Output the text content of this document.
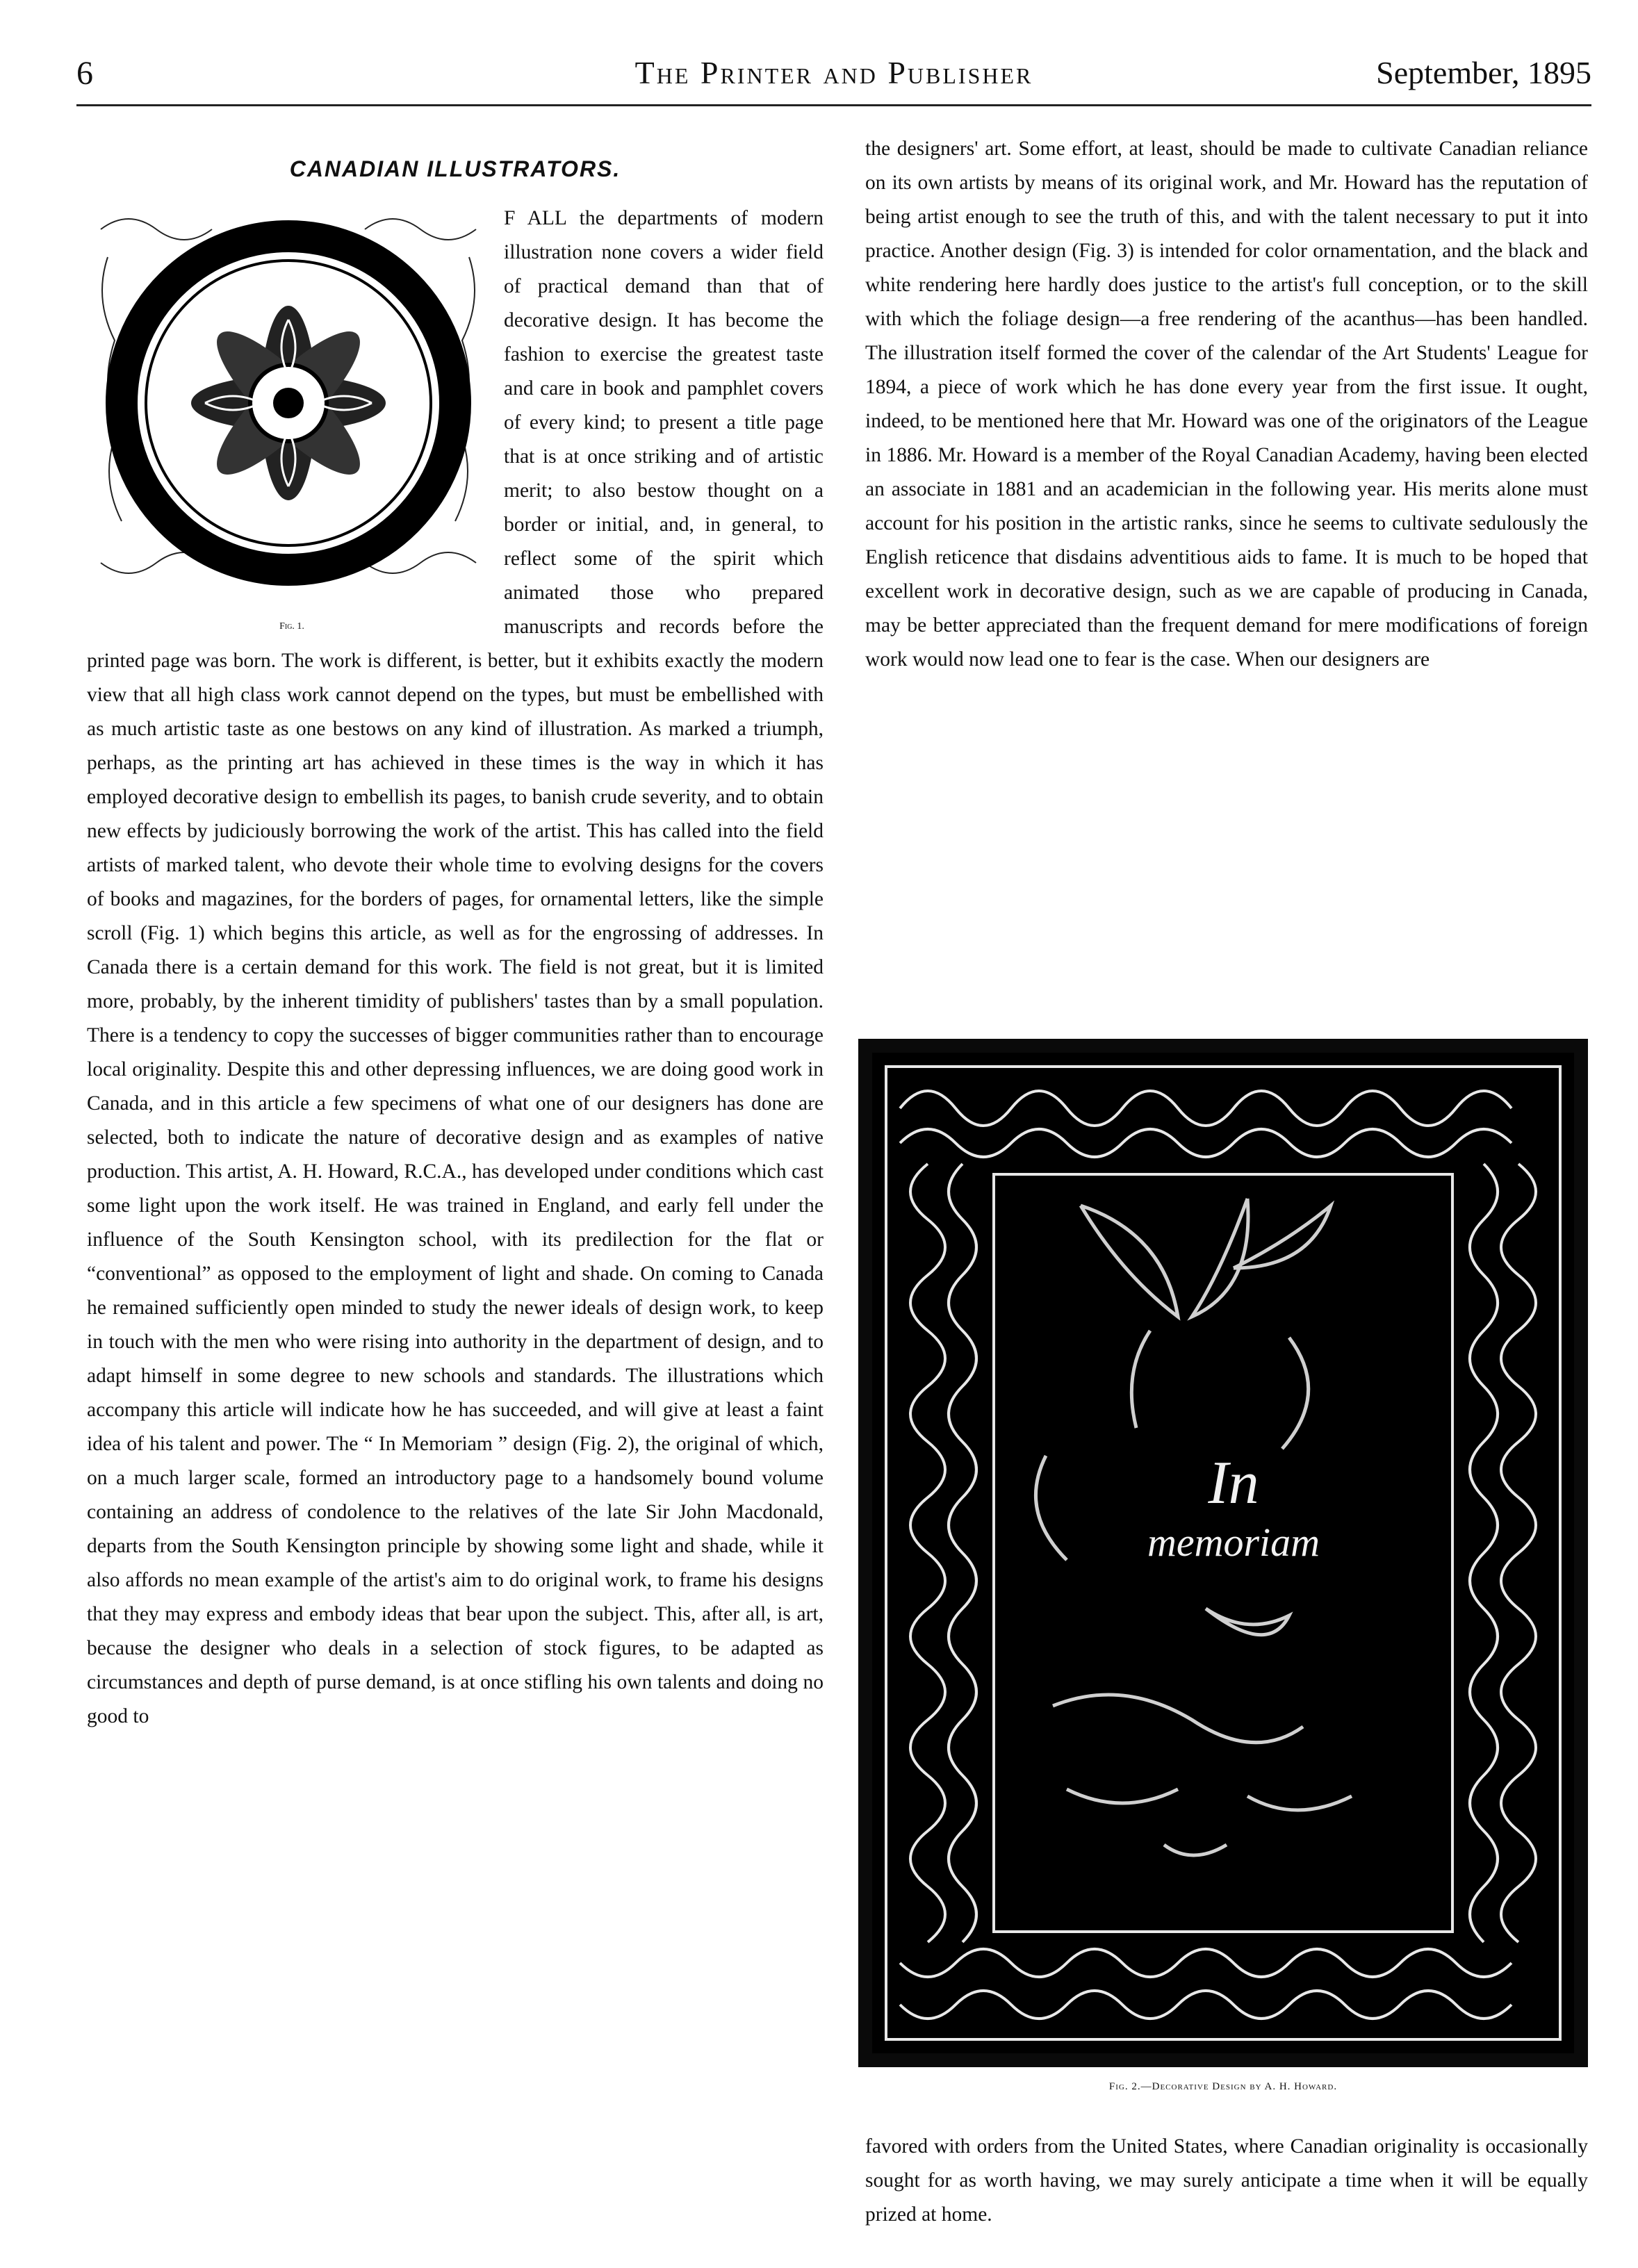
6	The Printer and Publisher	September, 1895
CANADIAN ILLUSTRATORS.
Fig. 1.

F ALL the departments of modern illustration none covers a wider field of practical demand than that of decorative design. It has become the fashion to exercise the greatest taste and care in book and pamphlet covers of every kind; to present a title page that is at once striking and of artistic merit; to also bestow thought on a border or initial, and, in general, to reflect some of the spirit which animated those who prepared manuscripts and records before the printed page was born. The work is different, is better, but it exhibits exactly the modern view that all high class work cannot depend on the types, but must be embellished with as much artistic taste as one bestows on any kind of illustration. As marked a triumph, perhaps, as the printing art has achieved in these times is the way in which it has employed decorative design to embellish its pages, to banish crude severity, and to obtain new effects by judiciously borrowing the work of the artist. This has called into the field artists of marked talent, who devote their whole time to evolving designs for the covers of books and magazines, for the borders of pages, for ornamental letters, like the simple scroll (Fig. 1) which begins this article, as well as for the engrossing of addresses. In Canada there is a certain demand for this work. The field is not great, but it is limited more, probably, by the inherent timidity of publishers' tastes than by a small population. There is a tendency to copy the successes of bigger communities rather than to encourage local originality. Despite this and other depressing influences, we are doing good work in Canada, and in this article a few specimens of what one of our designers has done are selected, both to indicate the nature of decorative design and as examples of native production. This artist, A. H. Howard, R.C.A., has developed under conditions which cast some light upon the work itself. He was trained in England, and early fell under the influence of the South Kensington school, with its predilection for the flat or “conventional” as opposed to the employment of light and shade. On coming to Canada he remained sufficiently open minded to study the newer ideals of design work, to keep in touch with the men who were rising into authority in the department of design, and to adapt himself in some degree to new schools and standards. The illustrations which accompany this article will indicate how he has succeeded, and will give at least a faint idea of his talent and power. The “ In Memoriam ” design (Fig. 2), the original of which, on a much larger scale, formed an introductory page to a handsomely bound volume containing an address of condolence to the relatives of the late Sir John Macdonald, departs from the South Kensington principle by showing some light and shade, while it also affords no mean example of the artist's aim to do original work, to frame his designs that they may express and embody ideas that bear upon the subject. This, after all, is art, because the designer who deals in a selection of stock figures, to be adapted as circumstances and depth of purse demand, is at once stifling his own talents and doing no good to

the designers' art. Some effort, at least, should be made to cultivate Canadian reliance on its own artists by means of its original work, and Mr. Howard has the reputation of being artist enough to see the truth of this, and with the talent necessary to put it into practice. Another design (Fig. 3) is intended for color ornamentation, and the black and white rendering here hardly does justice to the artist's full conception, or to the skill with which the foliage design—a free rendering of the acanthus—has been handled. The illustration itself formed the cover of the calendar of the Art Students' League for 1894, a piece of work which he has done every year from the first issue. It ought, indeed, to be mentioned here that Mr. Howard was one of the originators of the League in 1886. Mr. Howard is a member of the Royal Canadian Academy, having been elected an associate in 1881 and an academician in the following year. His merits alone must account for his position in the artistic ranks, since he seems to cultivate sedulously the English reticence that disdains adventitious aids to fame. It is much to be hoped that excellent work in decorative design, such as we are capable of producing in Canada, may be better appreciated than the frequent demand for mere modifications of foreign work would now lead one to fear is the case. When our designers are

In
memoriam
Fig. 2.—Decorative Design by A. H. Howard.

favored with orders from the United States, where Canadian originality is occasionally sought for as worth having, we may surely anticipate a time when it will be equally prized at home.
